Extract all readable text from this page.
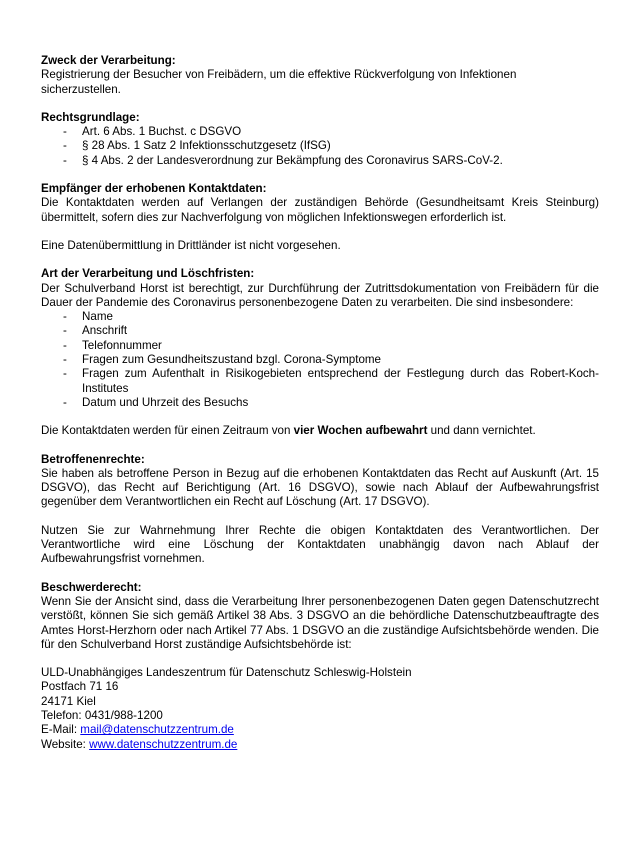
Zweck der Verarbeitung:
Registrierung der Besucher von Freibädern, um die effektive Rückverfolgung von Infektionen sicherzustellen.
Rechtsgrundlage:
- Art. 6 Abs. 1 Buchst. c DSGVO
- § 28 Abs. 1 Satz 2 Infektionsschutzgesetz (IfSG)
- § 4 Abs. 2 der Landesverordnung zur Bekämpfung des Coronavirus SARS-CoV-2.
Empfänger der erhobenen Kontaktdaten:
Die Kontaktdaten werden auf Verlangen der zuständigen Behörde (Gesundheitsamt Kreis Steinburg) übermittelt, sofern dies zur Nachverfolgung von möglichen Infektionswegen erforderlich ist.
Eine Datenübermittlung in Drittländer ist nicht vorgesehen.
Art der Verarbeitung und Löschfristen:
Der Schulverband Horst ist berechtigt, zur Durchführung der Zutrittsdokumentation von Freibädern für die Dauer der Pandemie des Coronavirus personenbezogene Daten zu verarbeiten. Die sind insbesondere:
- Name
- Anschrift
- Telefonnummer
- Fragen zum Gesundheitszustand bzgl. Corona-Symptome
- Fragen zum Aufenthalt in Risikogebieten entsprechend der Festlegung durch das Robert-Koch-Institutes
- Datum und Uhrzeit des Besuchs
Die Kontaktdaten werden für einen Zeitraum von vier Wochen aufbewahrt und dann vernichtet.
Betroffenenrechte:
Sie haben als betroffene Person in Bezug auf die erhobenen Kontaktdaten das Recht auf Auskunft (Art. 15 DSGVO), das Recht auf Berichtigung (Art. 16 DSGVO), sowie nach Ablauf der Aufbewahrungsfrist gegenüber dem Verantwortlichen ein Recht auf Löschung (Art. 17 DSGVO).
Nutzen Sie zur Wahrnehmung Ihrer Rechte die obigen Kontaktdaten des Verantwortlichen. Der Verantwortliche wird eine Löschung der Kontaktdaten unabhängig davon nach Ablauf der Aufbewahrungsfrist vornehmen.
Beschwerderecht:
Wenn Sie der Ansicht sind, dass die Verarbeitung Ihrer personenbezogenen Daten gegen Datenschutzrecht verstößt, können Sie sich gemäß Artikel 38 Abs. 3 DSGVO an die behördliche Datenschutzbeauftragte des Amtes Horst-Herzhorn oder nach Artikel 77 Abs. 1 DSGVO an die zuständige Aufsichtsbehörde wenden. Die für den Schulverband Horst zuständige Aufsichtsbehörde ist:
ULD-Unabhängiges Landeszentrum für Datenschutz Schleswig-Holstein
Postfach 71 16
24171 Kiel
Telefon: 0431/988-1200
E-Mail: mail@datenschutzzentrum.de
Website: www.datenschutzzentrum.de
